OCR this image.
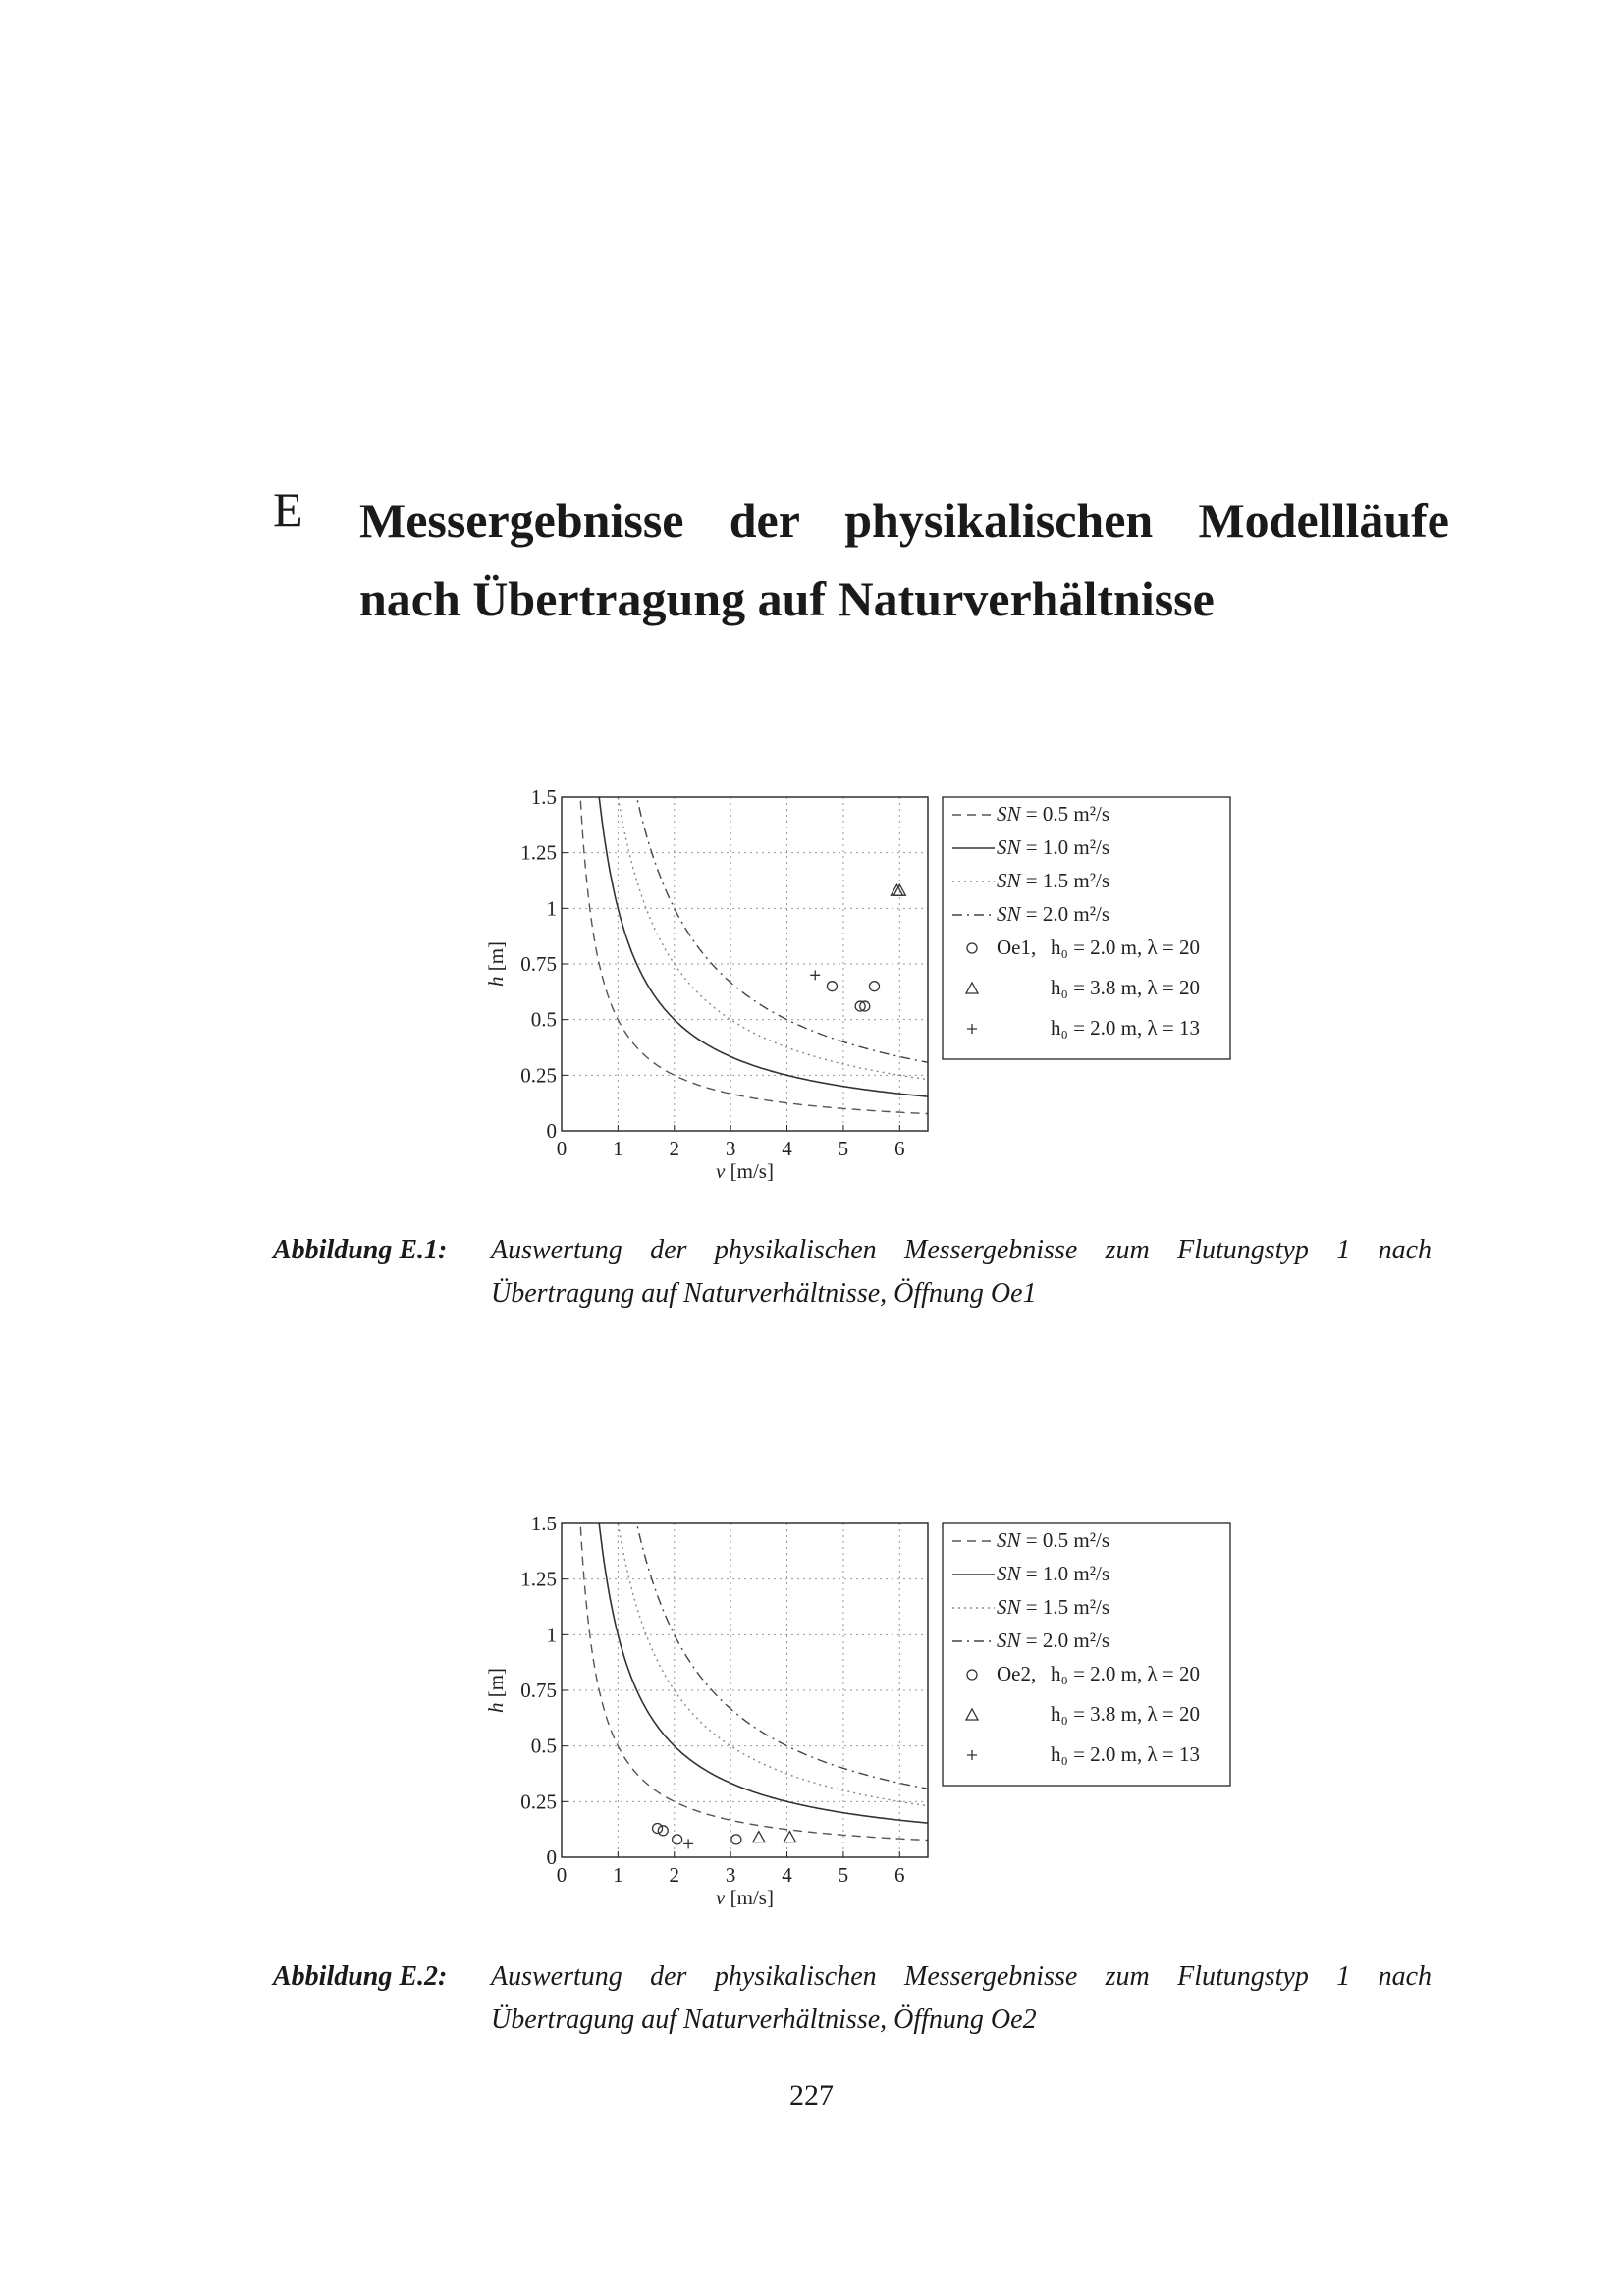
E Messergebnisse der physikalischen Modellläufe nach Übertragung auf Naturverhältnisse
0 1 2 3 4 5 6
0
0.25
0.5
0.75
1
1.25
1.5
v [m/s]
h [m]
SN = 0.5 m²/s
SN = 1.0 m²/s
SN = 1.5 m²/s
SN = 2.0 m²/s
Oe1, h₀ = 2.0 m, λ = 20
h₀ = 3.8 m, λ = 20
h₀ = 2.0 m, λ = 13
Abbildung E.1: Auswertung der physikalischen Messergebnisse zum Flutungstyp 1 nach Übertragung auf Naturverhältnisse, Öffnung Oe1
0 1 2 3 4 5 6
0
0.25
0.5
0.75
1
1.25
1.5
v [m/s]
h [m]
SN = 0.5 m²/s
SN = 1.0 m²/s
SN = 1.5 m²/s
SN = 2.0 m²/s
Oe2, h₀ = 2.0 m, λ = 20
h₀ = 3.8 m, λ = 20
h₀ = 2.0 m, λ = 13
Abbildung E.2: Auswertung der physikalischen Messergebnisse zum Flutungstyp 1 nach Übertragung auf Naturverhältnisse, Öffnung Oe2
227
